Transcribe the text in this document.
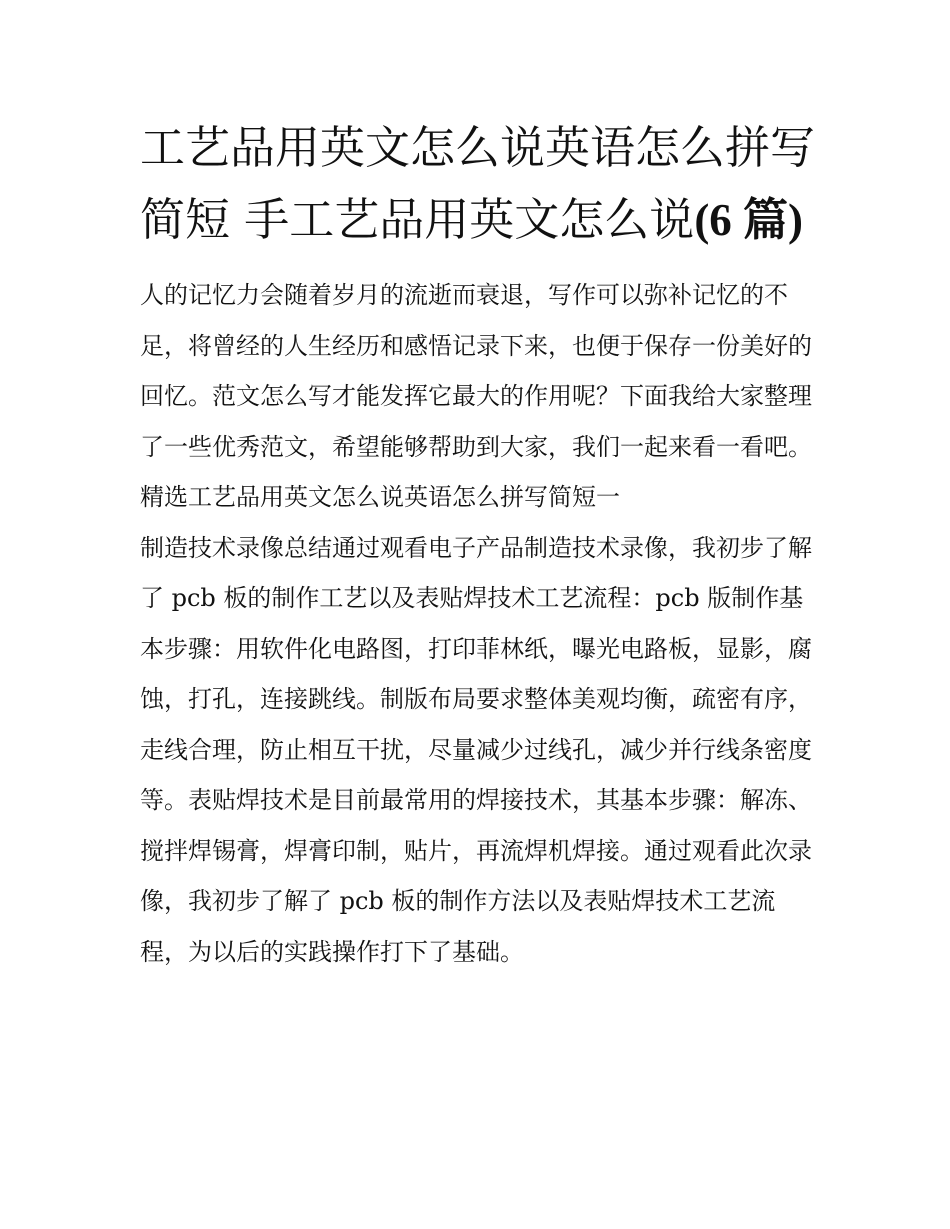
工艺品用英文怎么说英语怎么拼写简短 手工艺品用英文怎么说(6 篇)

人的记忆力会随着岁月的流逝而衰退，写作可以弥补记忆的不足，将曾经的人生经历和感悟记录下来，也便于保存一份美好的回忆。范文怎么写才能发挥它最大的作用呢？下面我给大家整理了一些优秀范文，希望能够帮助到大家，我们一起来看一看吧。

精选工艺品用英文怎么说英语怎么拼写简短一

制造技术录像总结通过观看电子产品制造技术录像，我初步了解了 pcb 板的制作工艺以及表贴焊技术工艺流程：pcb 版制作基本步骤：用软件化电路图，打印菲林纸，曝光电路板，显影，腐蚀，打孔，连接跳线。制版布局要求整体美观均衡，疏密有序，走线合理，防止相互干扰，尽量减少过线孔，减少并行线条密度等。表贴焊技术是目前最常用的焊接技术，其基本步骤：解冻、搅拌焊锡膏，焊膏印制，贴片，再流焊机焊接。通过观看此次录像，我初步了解了 pcb 板的制作方法以及表贴焊技术工艺流程，为以后的实践操作打下了基础。
